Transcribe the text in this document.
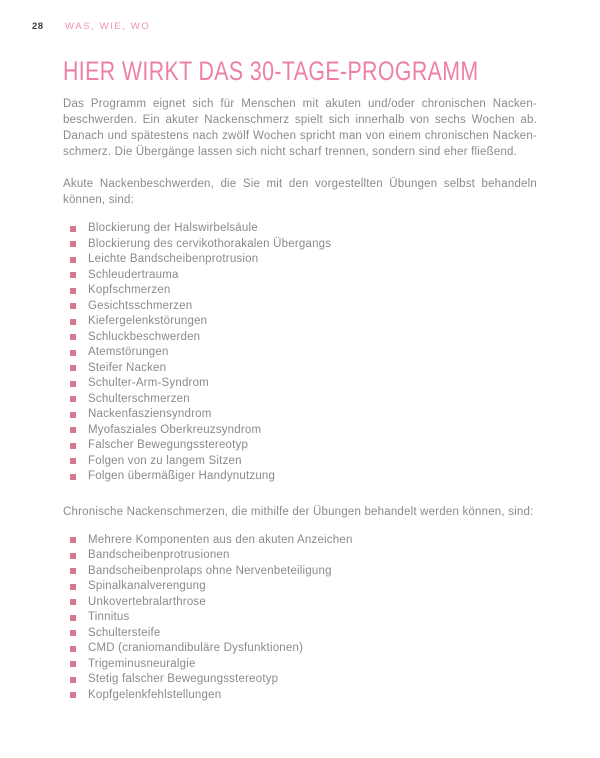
28 WAS, WIE, WO
HIER WIRKT DAS 30-TAGE-PROGRAMM
Das Programm eignet sich für Menschen mit akuten und/oder chronischen Nacken-
beschwerden. Ein akuter Nackenschmerz spielt sich innerhalb von sechs Wochen ab.
Danach und spätestens nach zwölf Wochen spricht man von einem chronischen Nacken-
schmerz. Die Übergänge lassen sich nicht scharf trennen, sondern sind eher fließend.
Akute Nackenbeschwerden, die Sie mit den vorgestellten Übungen selbst behandeln
können, sind:
Blockierung der Halswirbelsäule
Blockierung des cervikothorakalen Übergangs
Leichte Bandscheibenprotrusion
Schleudertrauma
Kopfschmerzen
Gesichtsschmerzen
Kiefergelenkstörungen
Schluckbeschwerden
Atemstörungen
Steifer Nacken
Schulter-Arm-Syndrom
Schulterschmerzen
Nackenfasziensyndrom
Myofasziales Oberkreuzsyndrom
Falscher Bewegungsstereotyp
Folgen von zu langem Sitzen
Folgen übermäßiger Handynutzung
Chronische Nackenschmerzen, die mithilfe der Übungen behandelt werden können, sind:
Mehrere Komponenten aus den akuten Anzeichen
Bandscheibenprotrusionen
Bandscheibenprolaps ohne Nervenbeteiligung
Spinalkanalverengung
Unkovertebralarthrose
Tinnitus
Schultersteife
CMD (craniomandibuläre Dysfunktionen)
Trigeminusneuralgie
Stetig falscher Bewegungsstereotyp
Kopfgelenkfehlstellungen
